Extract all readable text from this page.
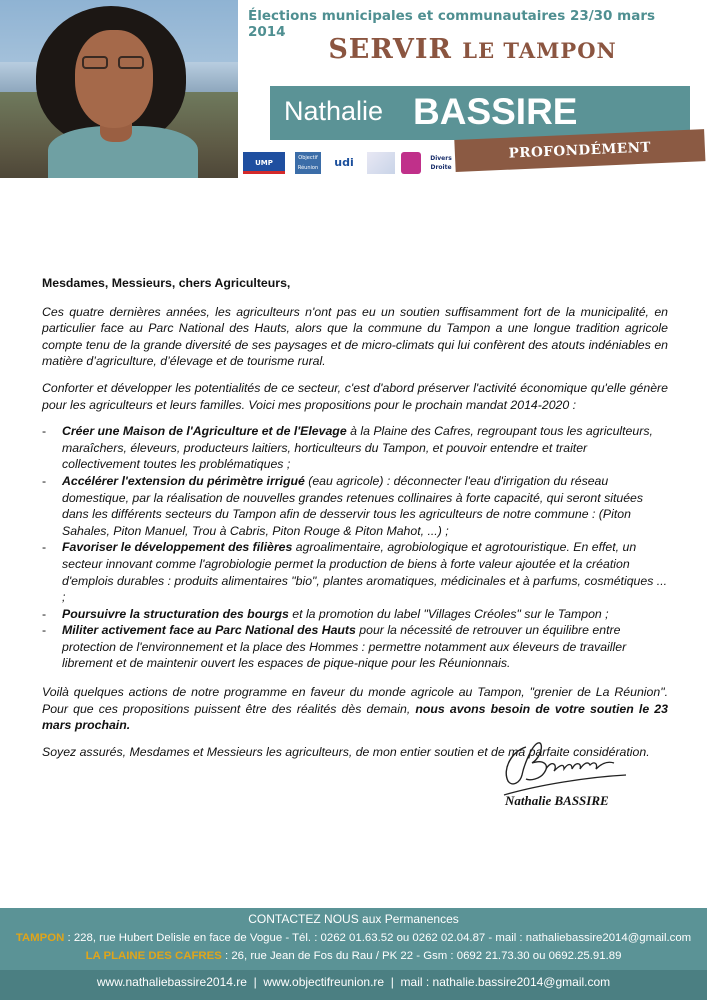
Élections municipales et communautaires 23/30 mars 2014
SERVIR LE TAMPON
Nathalie BASSIRE
UMP
Objectif Réunion udi	Divers Droite
PROFONDÉMENT TAMPONNAISE

Mesdames, Messieurs, chers Agriculteurs,

Ces quatre dernières années, les agriculteurs n'ont pas eu un soutien suffisamment fort de la municipalité, en particulier face au Parc National des Hauts, alors que la commune du Tampon a une longue tradition agricole compte tenu de la grande diversité de ses paysages et de micro-climats qui lui confèrent des atouts indéniables en matière d’agriculture, d’élevage et de tourisme rural.

Conforter et développer les potentialités de ce secteur, c'est d'abord préserver l'activité économique qu'elle génère pour les agriculteurs et leurs familles. Voici mes propositions pour le prochain mandat 2014-2020 :

- Créer une Maison de l'Agriculture et de l'Elevage à la Plaine des Cafres, regroupant tous les agriculteurs, maraîchers, éleveurs, producteurs laitiers, horticulteurs du Tampon, et pouvoir entendre et traiter collectivement toutes les problématiques ;
- Accélérer l'extension du périmètre irrigué (eau agricole) : déconnecter l'eau d'irrigation du réseau domestique, par la réalisation de nouvelles grandes retenues collinaires à forte capacité, qui seront situées dans les différents secteurs du Tampon afin de desservir tous les agriculteurs de notre commune : (Piton Sahales, Piton Manuel, Trou à Cabris, Piton Rouge & Piton Mahot, ...) ;
- Favoriser le développement des filières agroalimentaire, agrobiologique et agrotouristique. En effet, un secteur innovant comme l'agrobiologie permet la production de biens à forte valeur ajoutée et la création d'emplois durables : produits alimentaires "bio", plantes aromatiques, médicinales et à parfums, cosmétiques ... ;
- Poursuivre la structuration des bourgs et la promotion du label "Villages Créoles" sur le Tampon ;
- Militer activement face au Parc National des Hauts pour la nécessité de retrouver un équilibre entre protection de l'environnement et la place des Hommes : permettre notamment aux éleveurs de travailler librement et de maintenir ouvert les espaces de pique-nique pour les Réunionnais.

Voilà quelques actions de notre programme en faveur du monde agricole au Tampon, "grenier de La Réunion". Pour que ces propositions puissent être des réalités dès demain, nous avons besoin de votre soutien le 23 mars prochain.

Soyez assurés, Mesdames et Messieurs les agriculteurs, de mon entier soutien et de ma parfaite considération.

Nathalie BASSIRE
CONTACTEZ NOUS aux Permanences
TAMPON : 228, rue Hubert Delisle en face de Vogue - Tél. : 0262 01.63.52 ou 0262 02.04.87 - mail : nathaliebassire2014@gmail.com
LA PLAINE DES CAFRES : 26, rue Jean de Fos du Rau / PK 22 - Gsm : 0692 21.73.30 ou 0692.25.91.89
www.nathaliebassire2014.re  |  www.objectifreunion.re  |  mail : nathalie.bassire2014@gmail.com
